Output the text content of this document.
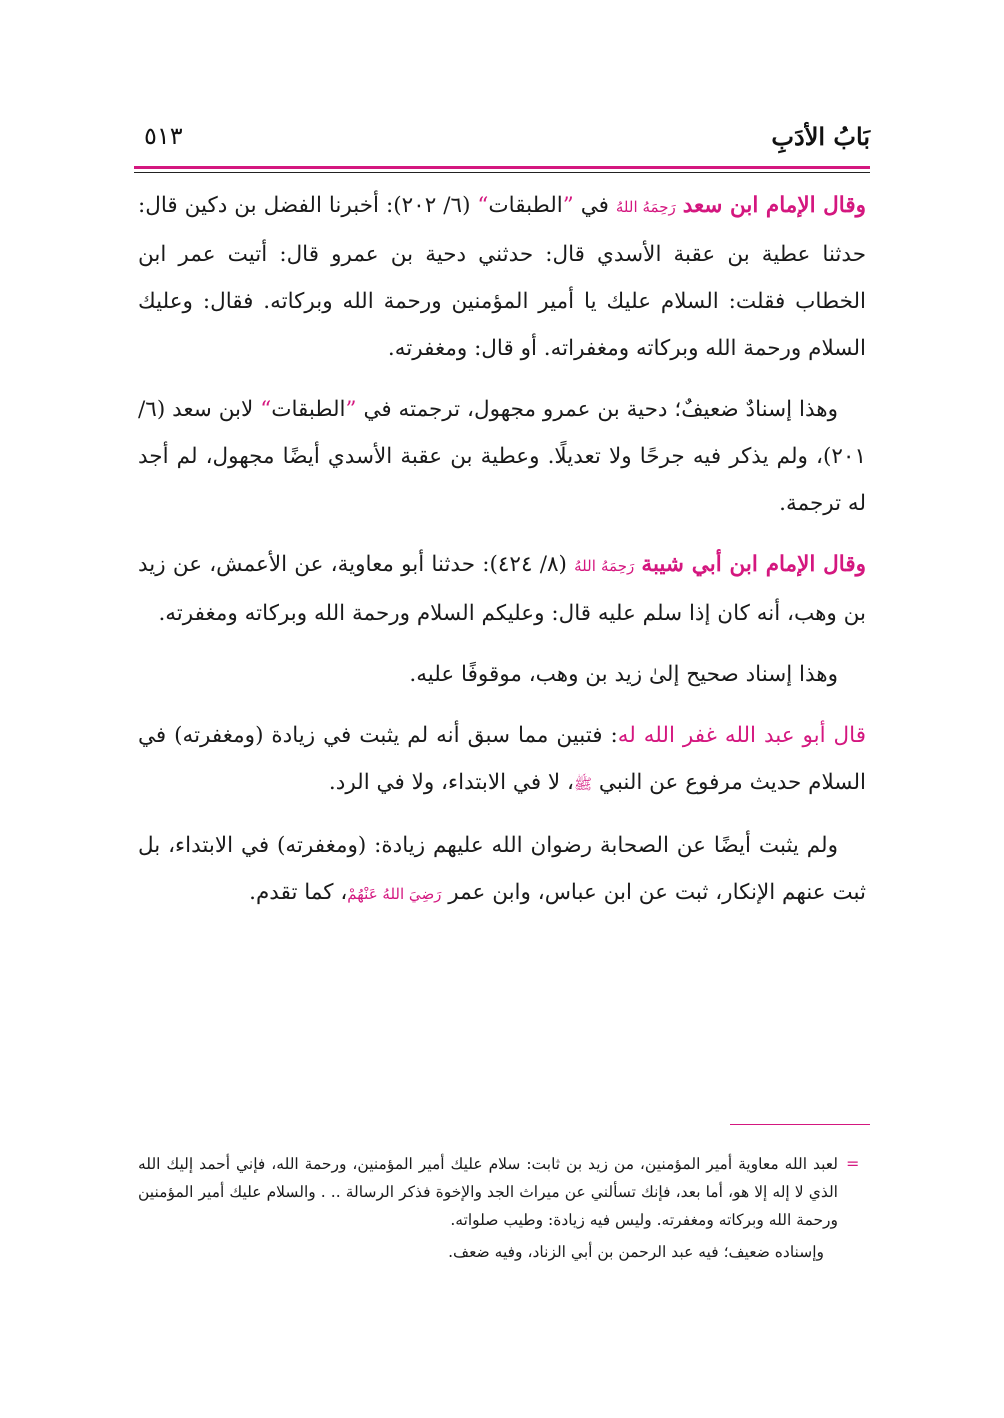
بَابُ الأدَبِ
٥١٣

وقال الإمام ابن سعد رَحِمَهُ اللهُ في ”الطبقات“ (٦/ ٢٠٢): أخبرنا الفضل بن دكين قال: حدثنا عطية بن عقبة الأسدي قال: حدثني دحية بن عمرو قال: أتيت عمر ابن الخطاب فقلت: السلام عليك يا أمير المؤمنين ورحمة الله وبركاته. فقال: وعليك السلام ورحمة الله وبركاته ومغفراته. أو قال: ومغفرته.

وهذا إسنادٌ ضعيفٌ؛ دحية بن عمرو مجهول، ترجمته في ”الطبقات“ لابن سعد (٦/ ٢٠١)، ولم يذكر فيه جرحًا ولا تعديلًا. وعطية بن عقبة الأسدي أيضًا مجهول، لم أجد له ترجمة.

وقال الإمام ابن أبي شيبة رَحِمَهُ اللهُ (٨/ ٤٢٤): حدثنا أبو معاوية، عن الأعمش، عن زيد بن وهب، أنه كان إذا سلم عليه قال: وعليكم السلام ورحمة الله وبركاته ومغفرته.

وهذا إسناد صحيح إلىٰ زيد بن وهب، موقوفًا عليه.

قال أبو عبد الله غفر الله له: فتبين مما سبق أنه لم يثبت في زيادة (ومغفرته) في السلام حديث مرفوع عن النبي ﷺ، لا في الابتداء، ولا في الرد.

ولم يثبت أيضًا عن الصحابة رضوان الله عليهم زيادة: (ومغفرته) في الابتداء، بل ثبت عنهم الإنكار، ثبت عن ابن عباس، وابن عمر رَضِيَ اللهُ عَنْهُمْ، كما تقدم.

=

لعبد الله معاوية أمير المؤمنين، من زيد بن ثابت: سلام عليك أمير المؤمنين، ورحمة الله، فإني أحمد إليك الله الذي لا إله إلا هو، أما بعد، فإنك تسألني عن ميراث الجد والإخوة فذكر الرسالة .. . والسلام عليك أمير المؤمنين ورحمة الله وبركاته ومغفرته. وليس فيه زيادة: وطيب صلواته.

وإسناده ضعيف؛ فيه عبد الرحمن بن أبي الزناد، وفيه ضعف.
